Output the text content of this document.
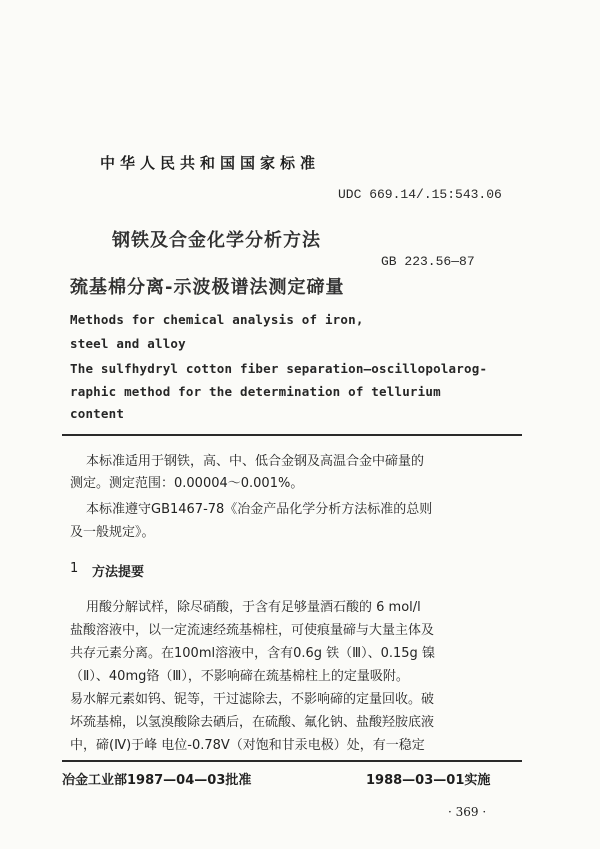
中华人民共和国国家标准
UDC 669.14/.15:543.06
钢铁及合金化学分析方法
GB 223.56—87
巯基棉分离-示波极谱法测定碲量
Methods for chemical analysis of iron,
steel and alloy
The sulfhydryl cotton fiber separation—oscillopolarog-
raphic method for the determination of tellurium
content
本标准适用于钢铁，高、中、低合金钢及高温合金中碲量的
测定。测定范围：0.00004～0.001%。
本标准遵守GB1467-78《冶金产品化学分析方法标准的总则
及一般规定》。
1 方法提要
用酸分解试样，除尽硝酸，于含有足够量酒石酸的 6 mol/l
盐酸溶液中，以一定流速经巯基棉柱，可使痕量碲与大量主体及
共存元素分离。在100ml溶液中，含有0.6g 铁（Ⅲ）、0.15g 镍
（Ⅱ）、40mg铬（Ⅲ），不影响碲在巯基棉柱上的定量吸附。
易水解元素如钨、铌等，干过滤除去，不影响碲的定量回收。破
坏巯基棉，以氢溴酸除去硒后，在硫酸、氟化钠、盐酸羟胺底液
中，碲(Ⅳ)于峰 电位-0.78V（对饱和甘汞电极）处，有一稳定
冶金工业部1987—04—03批准	1988—03—01实施
· 369 ·
